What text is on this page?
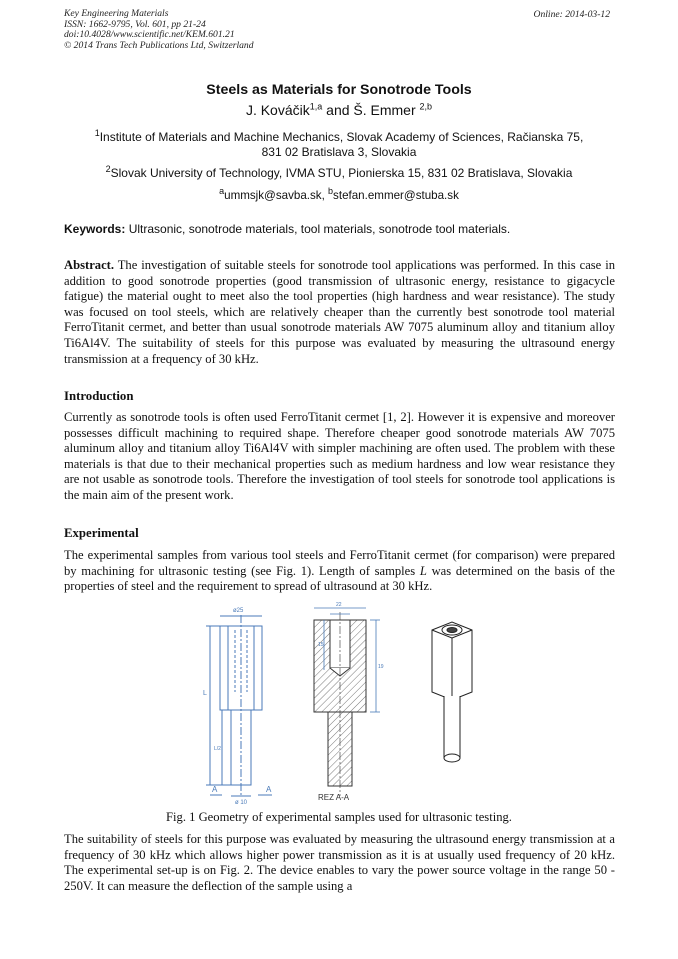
Key Engineering Materials
ISSN: 1662-9795, Vol. 601, pp 21-24
doi:10.4028/www.scientific.net/KEM.601.21
© 2014 Trans Tech Publications Ltd, Switzerland
Online: 2014-03-12
Steels as Materials for Sonotrode Tools
J. Kováčik$^{1,a}$ and Š. Emmer $^{2,b}$
$^1$Institute of Materials and Machine Mechanics, Slovak Academy of Sciences, Račianska 75,
831 02 Bratislava 3, Slovakia
$^2$Slovak University of Technology, IVMA STU, Pionierska 15, 831 02 Bratislava, Slovakia
$^a$ummsjk@savba.sk, $^b$stefan.emmer@stuba.sk
Keywords: Ultrasonic, sonotrode materials, tool materials, sonotrode tool materials.
Abstract. The investigation of suitable steels for sonotrode tool applications was performed. In this case in addition to good sonotrode properties (good transmission of ultrasonic energy, resistance to gigacycle fatigue) the material ought to meet also the tool properties (high hardness and wear resistance). The study was focused on tool steels, which are relatively cheaper than the currently best sonotrode tool material FerroTitanit cermet, and better than usual sonotrode materials AW 7075 aluminum alloy and titanium alloy Ti6Al4V. The suitability of steels for this purpose was evaluated by measuring the ultrasound energy transmission at a frequency of 30 kHz.
Introduction
Currently as sonotrode tools is often used FerroTitanit cermet [1, 2]. However it is expensive and moreover possesses difficult machining to required shape. Therefore cheaper good sonotrode materials AW 7075 aluminum alloy and titanium alloy Ti6Al4V with simpler machining are often used. The problem with these materials is that due to their mechanical properties such as medium hardness and low wear resistance they are not usable as sonotrode tools. Therefore the investigation of tool steels for sonotrode tool applications is the main aim of the present work.
Experimental
The experimental samples from various tool steels and FerroTitanit cermet (for comparison) were prepared by machining for ultrasonic testing (see Fig. 1). Length of samples L was determined on the basis of the properties of steel and the requirement to spread of ultrasound at 30 kHz.
ø25
L
L/2
ø 10
A	A
22
19
15
REZ A-A
Fig. 1 Geometry of experimental samples used for ultrasonic testing.
The suitability of steels for this purpose was evaluated by measuring the ultrasound energy transmission at a frequency of 30 kHz which allows higher power transmission as it is at usually used frequency of 20 kHz. The experimental set-up is on Fig. 2. The device enables to vary the power source voltage in the range 50 - 250V. It can measure the deflection of the sample using a
